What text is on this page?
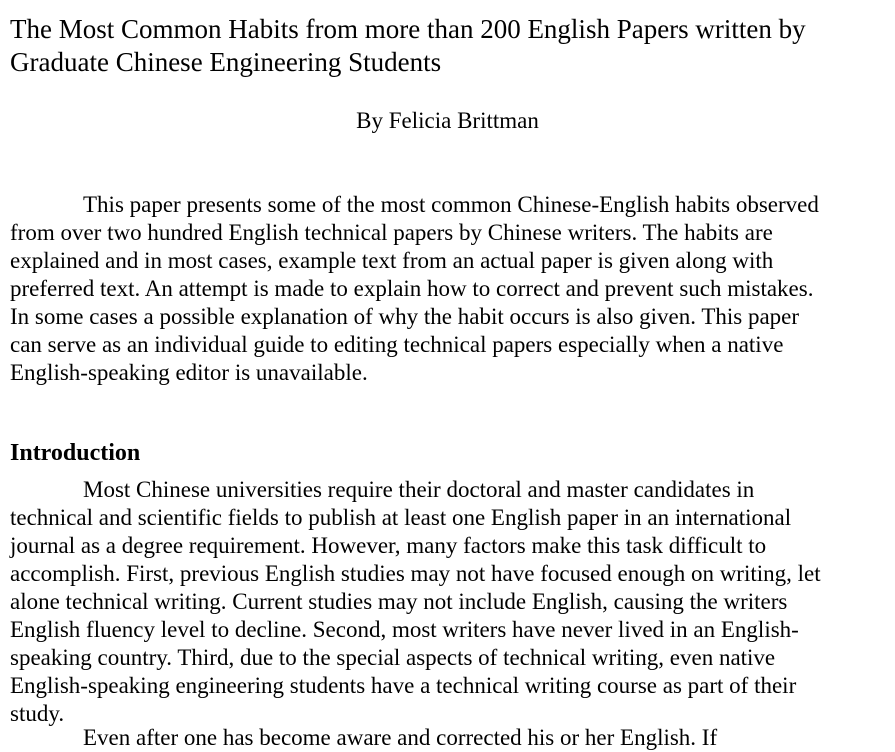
The Most Common Habits from more than 200 English Papers written by
Graduate Chinese Engineering Students
By Felicia Brittman

This paper presents some of the most common Chinese-English habits observed
from over two hundred English technical papers by Chinese writers. The habits are
explained and in most cases, example text from an actual paper is given along with
preferred text. An attempt is made to explain how to correct and prevent such mistakes.
In some cases a possible explanation of why the habit occurs is also given. This paper
can serve as an individual guide to editing technical papers especially when a native
English-speaking editor is unavailable.

Introduction

Most Chinese universities require their doctoral and master candidates in
technical and scientific fields to publish at least one English paper in an international
journal as a degree requirement. However, many factors make this task difficult to
accomplish. First, previous English studies may not have focused enough on writing, let
alone technical writing. Current studies may not include English, causing the writers
English fluency level to decline. Second, most writers have never lived in an English-
speaking country. Third, due to the special aspects of technical writing, even native
English-speaking engineering students have a technical writing course as part of their
study.

Even after one has become aware and corrected his or her English. If
